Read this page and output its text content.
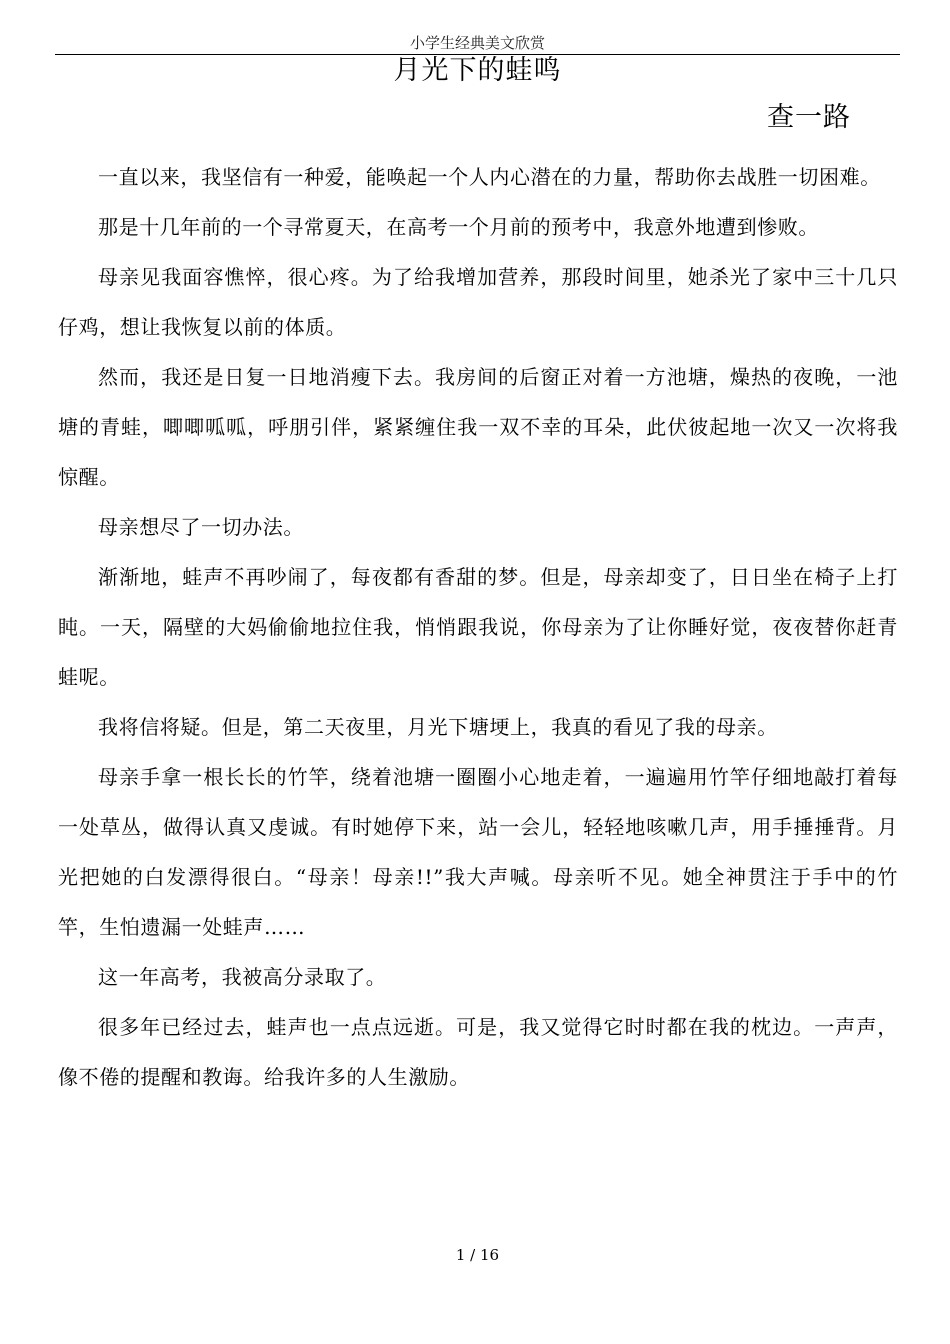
小学生经典美文欣赏
月光下的蛙鸣
查一路

一直以来，我坚信有一种爱，能唤起一个人内心潜在的力量，帮助你去战胜一切困难。

那是十几年前的一个寻常夏天，在高考一个月前的预考中，我意外地遭到惨败。

母亲见我面容憔悴，很心疼。为了给我增加营养，那段时间里，她杀光了家中三十几只仔鸡，想让我恢复以前的体质。

然而，我还是日复一日地消瘦下去。我房间的后窗正对着一方池塘，燥热的夜晚，一池塘的青蛙，唧唧呱呱，呼朋引伴，紧紧缠住我一双不幸的耳朵，此伏彼起地一次又一次将我惊醒。

母亲想尽了一切办法。

渐渐地，蛙声不再吵闹了，每夜都有香甜的梦。但是，母亲却变了，日日坐在椅子上打盹。一天，隔壁的大妈偷偷地拉住我，悄悄跟我说，你母亲为了让你睡好觉，夜夜替你赶青蛙呢。

我将信将疑。但是，第二天夜里，月光下塘埂上，我真的看见了我的母亲。

母亲手拿一根长长的竹竿，绕着池塘一圈圈小心地走着，一遍遍用竹竿仔细地敲打着每一处草丛，做得认真又虔诚。有时她停下来，站一会儿，轻轻地咳嗽几声，用手捶捶背。月光把她的白发漂得很白。“母亲！母亲!!”我大声喊。母亲听不见。她全神贯注于手中的竹竿，生怕遗漏一处蛙声……

这一年高考，我被高分录取了。

很多年已经过去，蛙声也一点点远逝。可是，我又觉得它时时都在我的枕边。一声声，像不倦的提醒和教诲。给我许多的人生激励。

1 / 16
